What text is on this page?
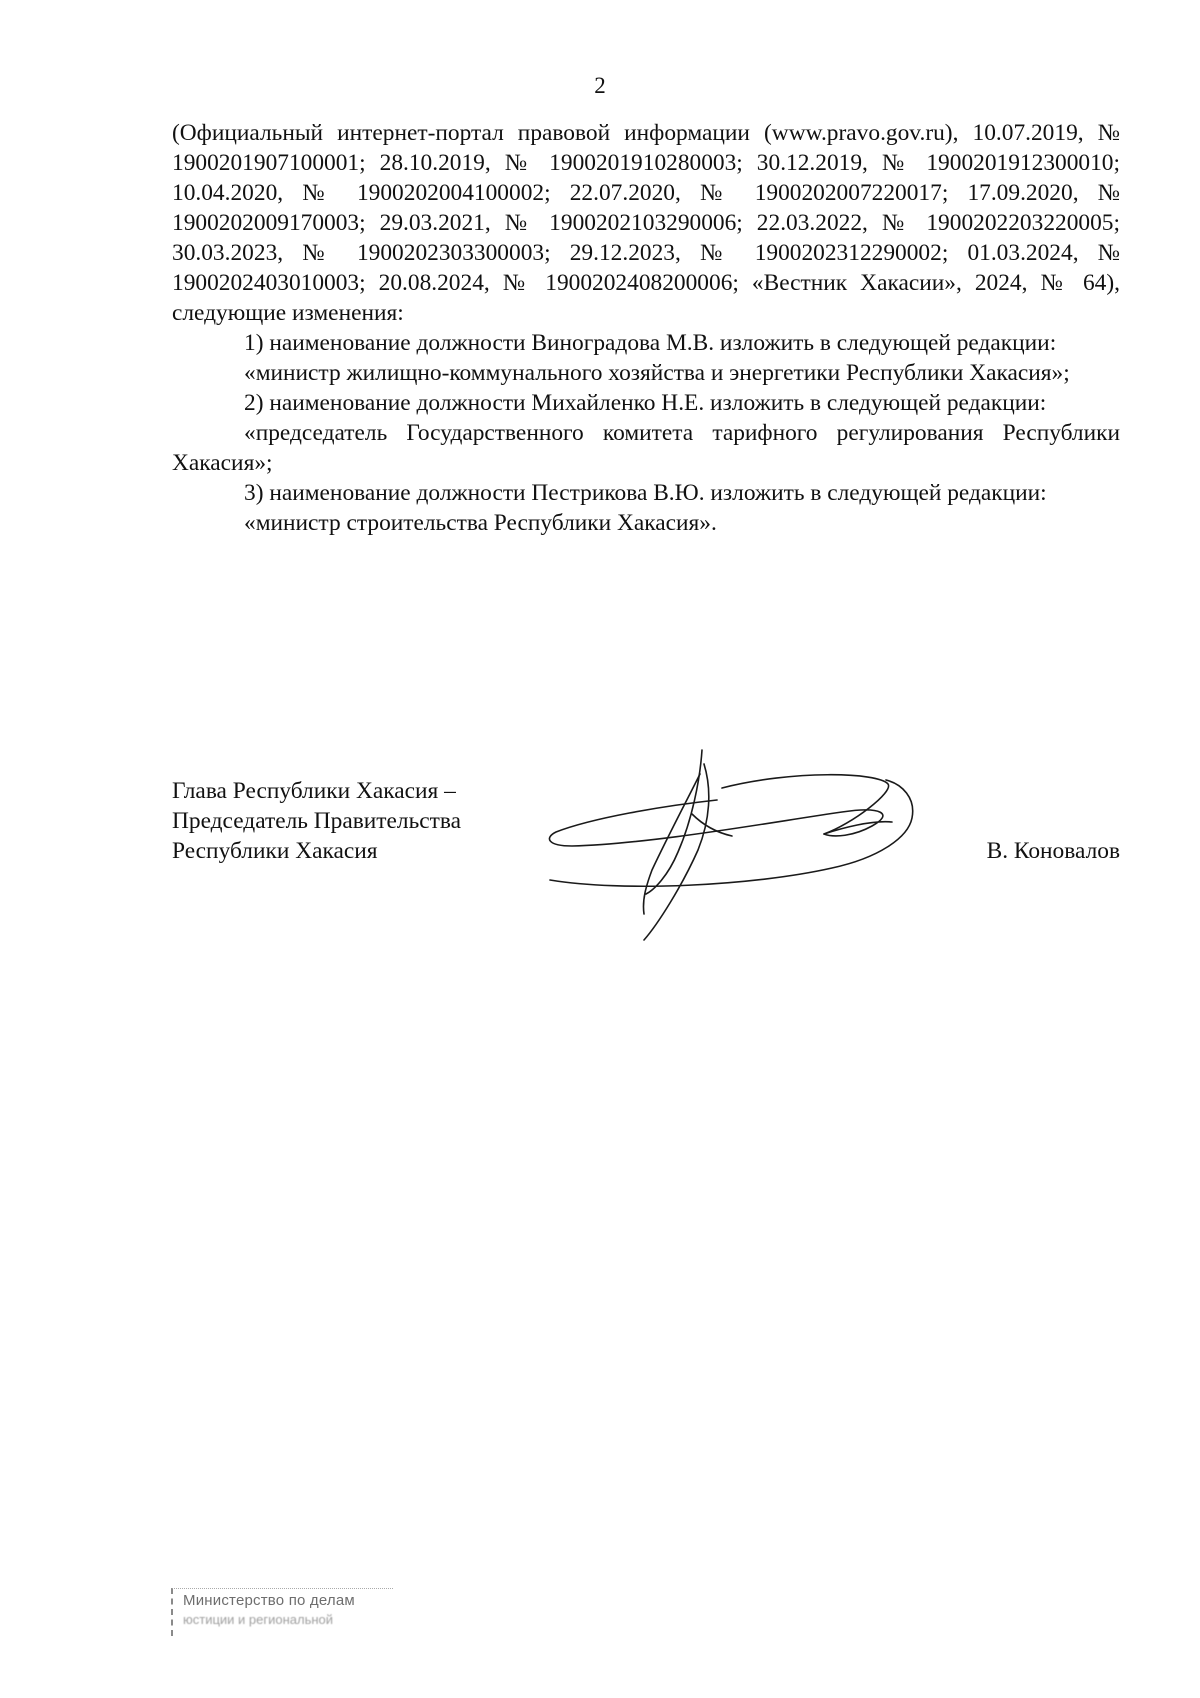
2

(Официальный интернет-портал правовой информации (www.pravo.gov.ru), 10.07.2019, № 1900201907100001; 28.10.2019, № 1900201910280003; 30.12.2019, № 1900201912300010; 10.04.2020, № 1900202004100002; 22.07.2020, № 1900202007220017; 17.09.2020, № 1900202009170003; 29.03.2021, № 1900202103290006; 22.03.2022, № 1900202203220005; 30.03.2023, № 1900202303300003; 29.12.2023, № 1900202312290002; 01.03.2024, № 1900202403010003; 20.08.2024, № 1900202408200006; «Вестник Хакасии», 2024, № 64), следующие изменения:

1) наименование должности Виноградова М.В. изложить в следующей редакции:

«министр жилищно-коммунального хозяйства и энергетики Республики Хакасия»;

2) наименование должности Михайленко Н.Е. изложить в следующей редакции:

«председатель Государственного комитета тарифного регулирования Республики Хакасия»;

3) наименование должности Пестрикова В.Ю. изложить в следующей редакции:

«министр строительства Республики Хакасия».

Глава Республики Хакасия –
Председатель Правительства
Республики Хакасия	В. Коновалов
Министерство по делам
юстиции и региональной
